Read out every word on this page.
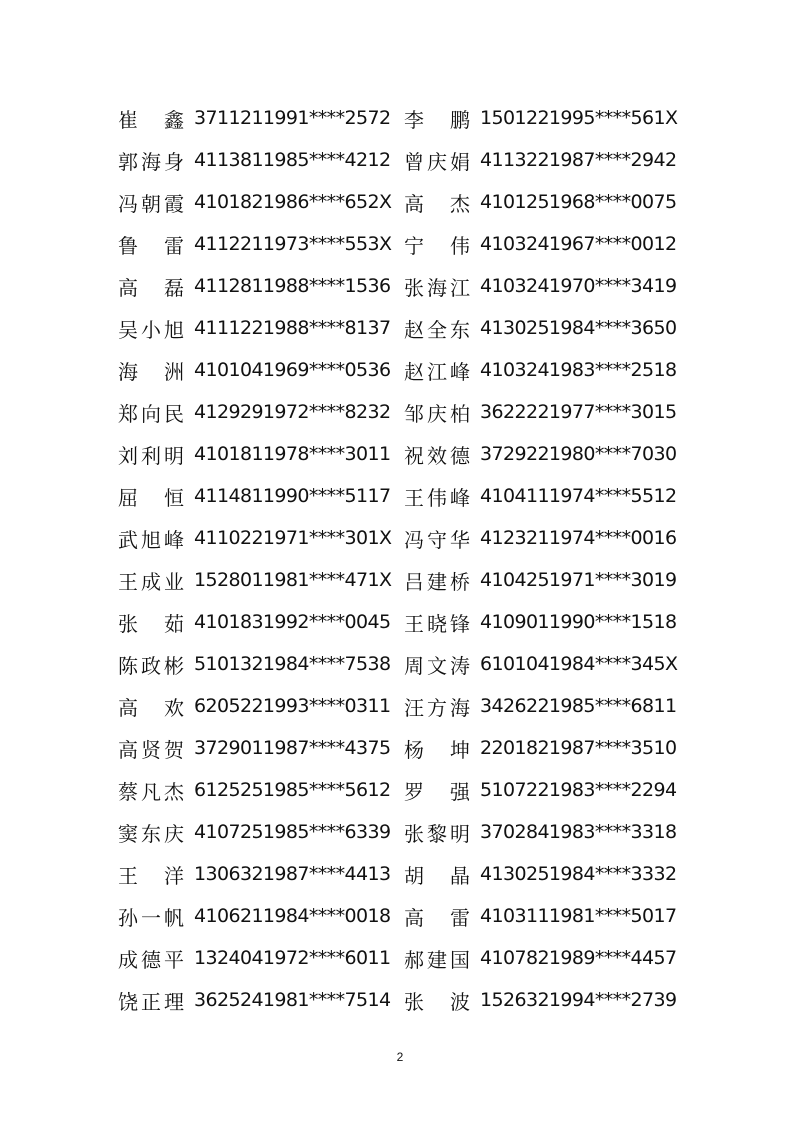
崔　鑫 3711211991****2572 李　鹏 1501221995****561X
郭海身 4113811985****4212 曾庆娟 4113221987****2942
冯朝霞 4101821986****652X 高　杰 4101251968****0075
鲁　雷 4112211973****553X 宁　伟 4103241967****0012
高　磊 4112811988****1536 张海江 4103241970****3419
吴小旭 4111221988****8137 赵全东 4130251984****3650
海　洲 4101041969****0536 赵江峰 4103241983****2518
郑向民 4129291972****8232 邹庆柏 3622221977****3015
刘利明 4101811978****3011 祝效德 3729221980****7030
屈　恒 4114811990****5117 王伟峰 4104111974****5512
武旭峰 4110221971****301X 冯守华 4123211974****0016
王成业 1528011981****471X 吕建桥 4104251971****3019
张　茹 4101831992****0045 王晓锋 4109011990****1518
陈政彬 5101321984****7538 周文涛 6101041984****345X
高　欢 6205221993****0311 汪方海 3426221985****6811
高贤贺 3729011987****4375 杨　坤 2201821987****3510
蔡凡杰 6125251985****5612 罗　强 5107221983****2294
窦东庆 4107251985****6339 张黎明 3702841983****3318
王　洋 1306321987****4413 胡　晶 4130251984****3332
孙一帆 4106211984****0018 高　雷 4103111981****5017
成德平 1324041972****6011 郝建国 4107821989****4457
饶正理 3625241981****7514 张　波 1526321994****2739
2
